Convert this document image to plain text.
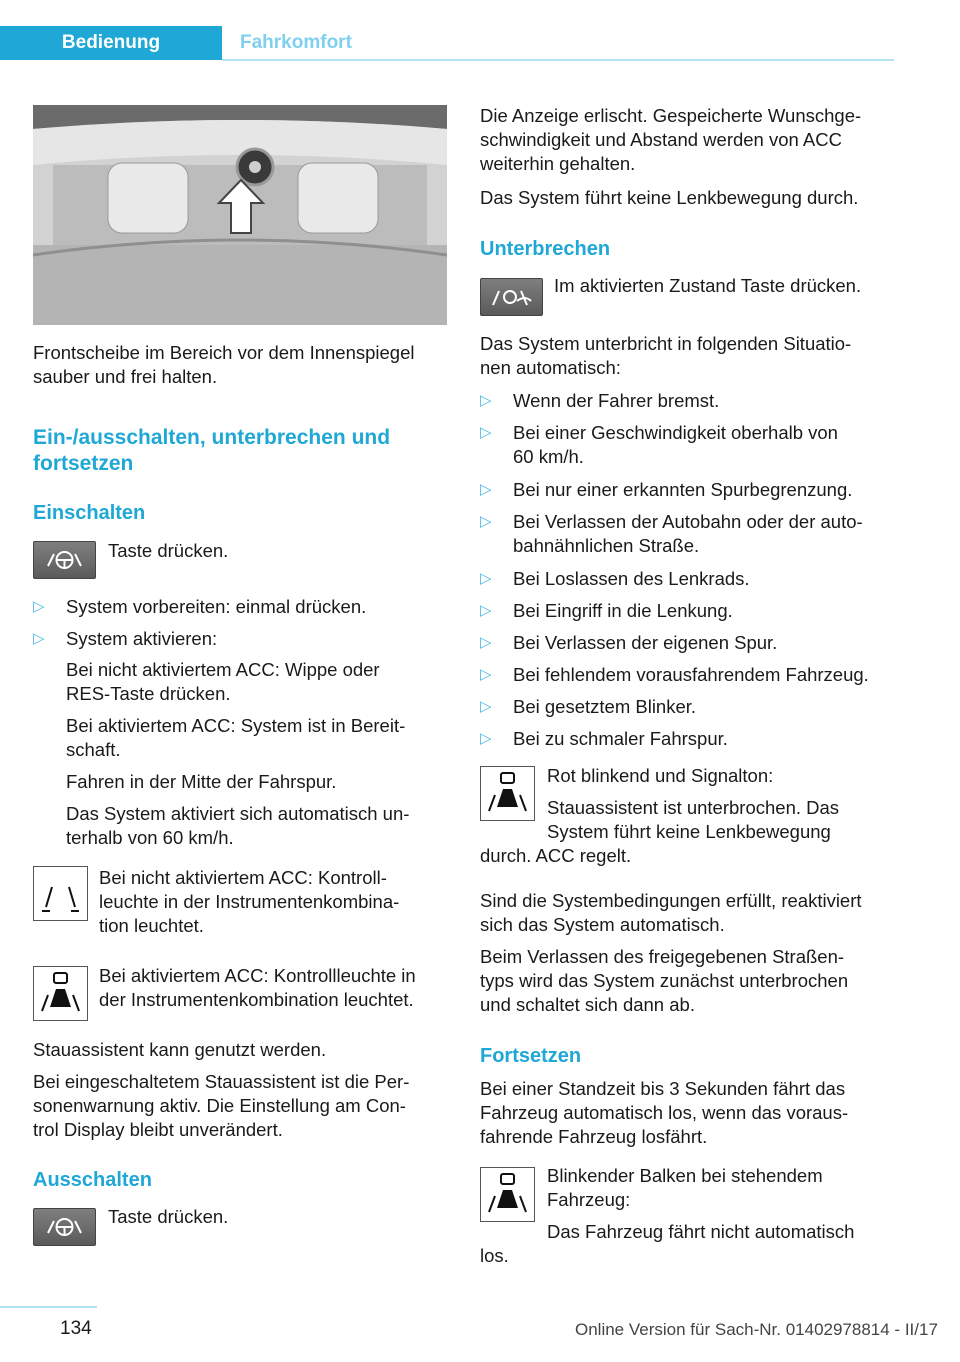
Bedienung	Fahrkomfort

Frontscheibe im Bereich vor dem Innenspiegel

sauber und frei halten.

Ein-/ausschalten, unterbrechen und
fortsetzen
Einschalten

Taste drücken.

▷ System vorbereiten: einmal drücken.
▷ System aktivieren:

Bei nicht aktiviertem ACC: Wippe oder

RES-Taste drücken.

Bei aktiviertem ACC: System ist in Bereit-

schaft.

Fahren in der Mitte der Fahrspur.

Das System aktiviert sich automatisch un-

terhalb von 60 km/h.

Bei nicht aktiviertem ACC: Kontroll-

leuchte in der Instrumentenkombina-

tion leuchtet.

Bei aktiviertem ACC: Kontrollleuchte in

der Instrumentenkombination leuchtet.

Stauassistent kann genutzt werden.

Bei eingeschaltetem Stauassistent ist die Per-

sonenwarnung aktiv. Die Einstellung am Con-

trol Display bleibt unverändert.

Ausschalten

Taste drücken.

Die Anzeige erlischt. Gespeicherte Wunschge-

schwindigkeit und Abstand werden von ACC

weiterhin gehalten.

Das System führt keine Lenkbewegung durch.

Unterbrechen

Im aktivierten Zustand Taste drücken.

Das System unterbricht in folgenden Situatio-

nen automatisch:

▷ Wenn der Fahrer bremst.
▷ Bei einer Geschwindigkeit oberhalb von

60 km/h.

▷ Bei nur einer erkannten Spurbegrenzung.
▷ Bei Verlassen der Autobahn oder der auto-

bahnähnlichen Straße.

▷ Bei Loslassen des Lenkrads.
▷ Bei Eingriff in die Lenkung.
▷ Bei Verlassen der eigenen Spur.
▷ Bei fehlendem vorausfahrendem Fahrzeug.
▷ Bei gesetztem Blinker.
▷ Bei zu schmaler Fahrspur.

Rot blinkend und Signalton:

Stauassistent ist unterbrochen. Das

System führt keine Lenkbewegung

durch. ACC regelt.

Sind die Systembedingungen erfüllt, reaktiviert

sich das System automatisch.

Beim Verlassen des freigegebenen Straßen-

typs wird das System zunächst unterbrochen

und schaltet sich dann ab.

Fortsetzen

Bei einer Standzeit bis 3 Sekunden fährt das

Fahrzeug automatisch los, wenn das voraus-

fahrende Fahrzeug losfährt.

Blinkender Balken bei stehendem

Fahrzeug:

Das Fahrzeug fährt nicht automatisch

los.

134	Online Version für Sach-Nr. 01402978814 - II/17
